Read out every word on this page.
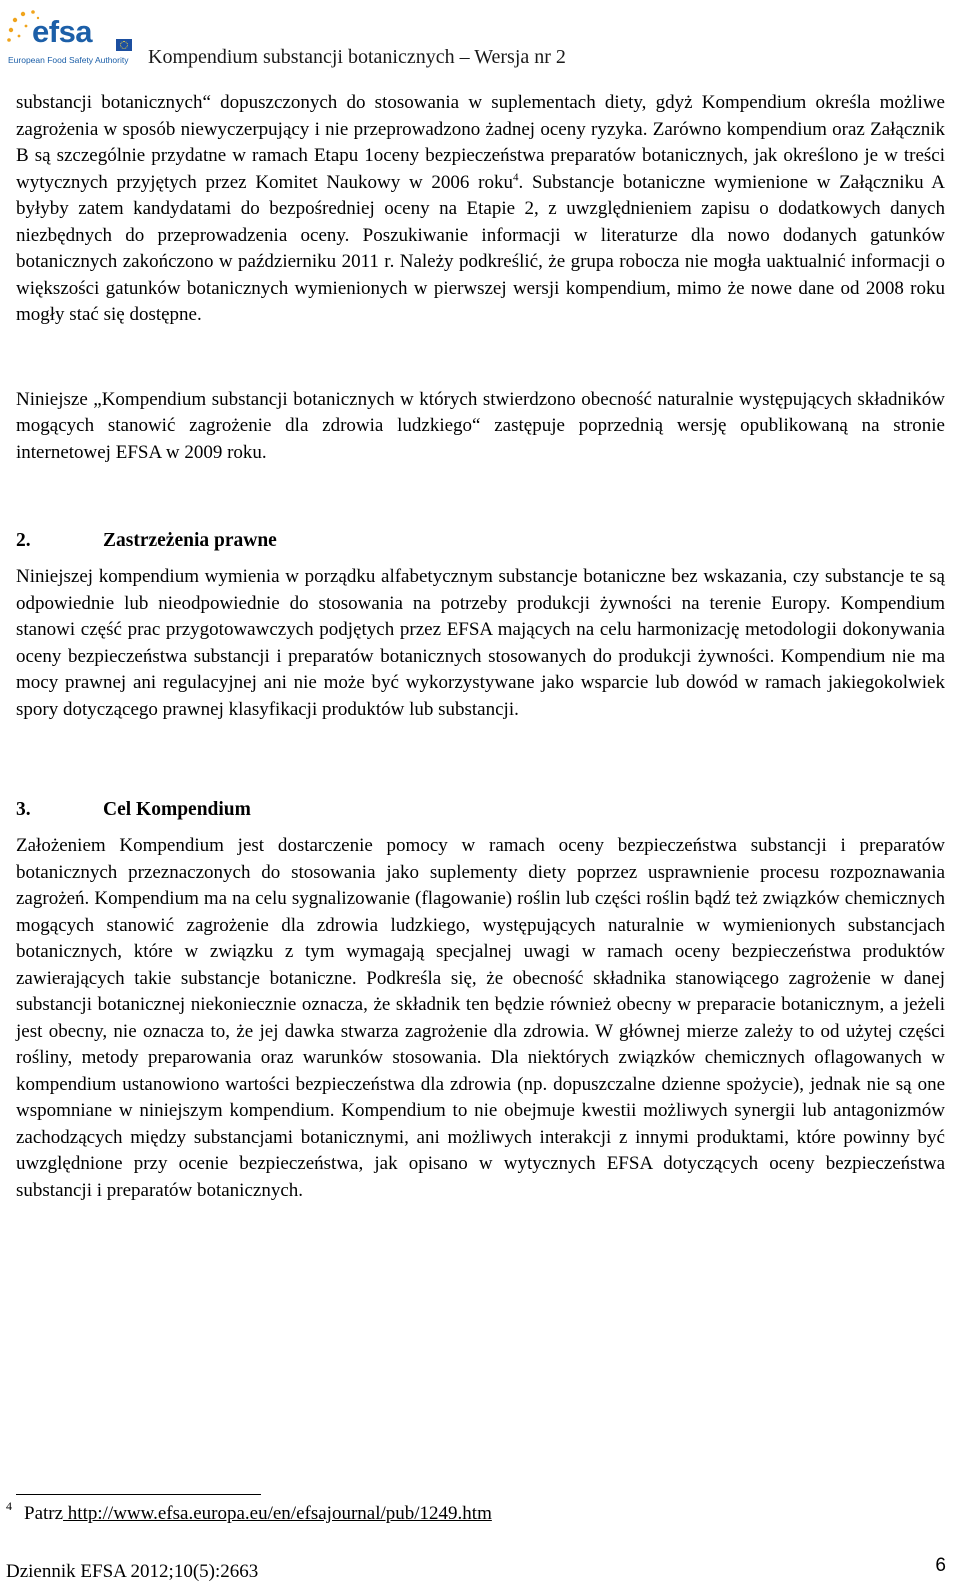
efsa
European Food Safety Authority Kompendium substancji botanicznych – Wersja nr 2

substancji botanicznych“ dopuszczonych do stosowania w suplementach diety, gdyż Kompendium określa możliwe zagrożenia w sposób niewyczerpujący i nie przeprowadzono żadnej oceny ryzyka. Zarówno kompendium oraz Załącznik B są szczególnie przydatne w ramach Etapu 1oceny bezpieczeństwa preparatów botanicznych, jak określono je w treści wytycznych przyjętych przez Komitet Naukowy w 2006 roku$^4$. Substancje botaniczne wymienione w Załączniku A byłyby zatem kandydatami do bezpośredniej oceny na Etapie 2, z uwzględnieniem zapisu o dodatkowych danych niezbędnych do przeprowadzenia oceny. Poszukiwanie informacji w literaturze dla nowo dodanych gatunków botanicznych zakończono w październiku 2011 r. Należy podkreślić, że grupa robocza nie mogła uaktualnić informacji o większości gatunków botanicznych wymienionych w pierwszej wersji kompendium, mimo że nowe dane od 2008 roku mogły stać się dostępne.

Niniejsze „Kompendium substancji botanicznych w których stwierdzono obecność naturalnie występujących składników mogących stanowić zagrożenie dla zdrowia ludzkiego“ zastępuje poprzednią wersję opublikowaną na stronie internetowej EFSA w 2009 roku.

2.	Zastrzeżenia prawne

Niniejszej kompendium wymienia w porządku alfabetycznym substancje botaniczne bez wskazania, czy substancje te są odpowiednie lub nieodpowiednie do stosowania na potrzeby produkcji żywności na terenie Europy. Kompendium stanowi część prac przygotowawczych podjętych przez EFSA mających na celu harmonizację metodologii dokonywania oceny bezpieczeństwa substancji i preparatów botanicznych stosowanych do produkcji żywności. Kompendium nie ma mocy prawnej ani regulacyjnej ani nie może być wykorzystywane jako wsparcie lub dowód w ramach jakiegokolwiek spory dotyczącego prawnej klasyfikacji produktów lub substancji.

3.	Cel Kompendium

Założeniem Kompendium jest dostarczenie pomocy w ramach oceny bezpieczeństwa substancji i preparatów botanicznych przeznaczonych do stosowania jako suplementy diety poprzez usprawnienie procesu rozpoznawania zagrożeń. Kompendium ma na celu sygnalizowanie (flagowanie) roślin lub części roślin bądź też związków chemicznych mogących stanowić zagrożenie dla zdrowia ludzkiego, występujących naturalnie w wymienionych substancjach botanicznych, które w związku z tym wymagają specjalnej uwagi w ramach oceny bezpieczeństwa produktów zawierających takie substancje botaniczne. Podkreśla się, że obecność składnika stanowiącego zagrożenie w danej substancji botanicznej niekoniecznie oznacza, że składnik ten będzie również obecny w preparacie botanicznym, a jeżeli jest obecny, nie oznacza to, że jej dawka stwarza zagrożenie dla zdrowia. W głównej mierze zależy to od użytej części rośliny, metody preparowania oraz warunków stosowania. Dla niektórych związków chemicznych oflagowanych w kompendium ustanowiono wartości bezpieczeństwa dla zdrowia (np. dopuszczalne dzienne spożycie), jednak nie są one wspomniane w niniejszym kompendium. Kompendium to nie obejmuje kwestii możliwych synergii lub antagonizmów zachodzących między substancjami botanicznymi, ani możliwych interakcji z innymi produktami, które powinny być uwzględnione przy ocenie bezpieczeństwa, jak opisano w wytycznych EFSA dotyczących oceny bezpieczeństwa substancji i preparatów botanicznych.

$^4$ Patrz http://www.efsa.europa.eu/en/efsajournal/pub/1249.htm
Dziennik EFSA 2012;10(5):2663	6
